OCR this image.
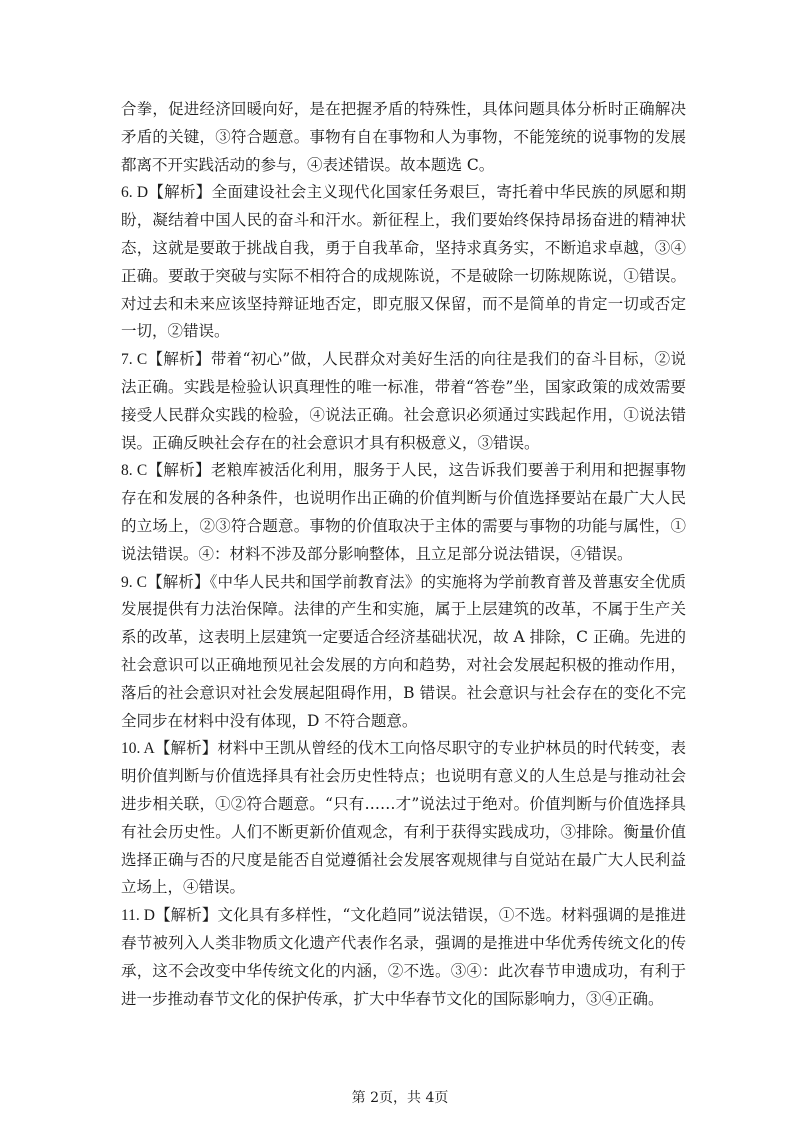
合拳，促进经济回暖向好，是在把握矛盾的特殊性，具体问题具体分析时正确解决矛盾的关键，③符合题意。事物有自在事物和人为事物，不能笼统的说事物的发展都离不开实践活动的参与，④表述错误。故本题选 C。

6. D【解析】全面建设社会主义现代化国家任务艰巨，寄托着中华民族的夙愿和期盼，凝结着中国人民的奋斗和汗水。新征程上，我们要始终保持昂扬奋进的精神状态，这就是要敢于挑战自我，勇于自我革命，坚持求真务实，不断追求卓越，③④正确。要敢于突破与实际不相符合的成规陈说，不是破除一切陈规陈说，①错误。对过去和未来应该坚持辩证地否定，即克服又保留，而不是简单的肯定一切或否定一切，②错误。

7. C【解析】带着“初心”做，人民群众对美好生活的向往是我们的奋斗目标，②说法正确。实践是检验认识真理性的唯一标准，带着“答卷”坐，国家政策的成效需要接受人民群众实践的检验，④说法正确。社会意识必须通过实践起作用，①说法错误。正确反映社会存在的社会意识才具有积极意义，③错误。

8. C【解析】老粮库被活化利用，服务于人民，这告诉我们要善于利用和把握事物存在和发展的各种条件，也说明作出正确的价值判断与价值选择要站在最广大人民的立场上，②③符合题意。事物的价值取决于主体的需要与事物的功能与属性，①说法错误。④：材料不涉及部分影响整体，且立足部分说法错误，④错误。

9. C【解析】《中华人民共和国学前教育法》的实施将为学前教育普及普惠安全优质发展提供有力法治保障。法律的产生和实施，属于上层建筑的改革，不属于生产关系的改革，这表明上层建筑一定要适合经济基础状况，故 A 排除，C 正确。先进的社会意识可以正确地预见社会发展的方向和趋势，对社会发展起积极的推动作用，落后的社会意识对社会发展起阻碍作用，B 错误。社会意识与社会存在的变化不完全同步在材料中没有体现，D 不符合题意。

10. A【解析】材料中王凯从曾经的伐木工向恪尽职守的专业护林员的时代转变，表明价值判断与价值选择具有社会历史性特点；也说明有意义的人生总是与推动社会进步相关联，①②符合题意。“只有……才”说法过于绝对。价值判断与价值选择具有社会历史性。人们不断更新价值观念，有利于获得实践成功，③排除。衡量价值选择正确与否的尺度是能否自觉遵循社会发展客观规律与自觉站在最广大人民利益立场上，④错误。

11. D【解析】文化具有多样性，“文化趋同”说法错误，①不选。材料强调的是推进春节被列入人类非物质文化遗产代表作名录，强调的是推进中华优秀传统文化的传承，这不会改变中华传统文化的内涵，②不选。③④：此次春节申遗成功，有利于进一步推动春节文化的保护传承，扩大中华春节文化的国际影响力，③④正确。

第 2页，共 4页
